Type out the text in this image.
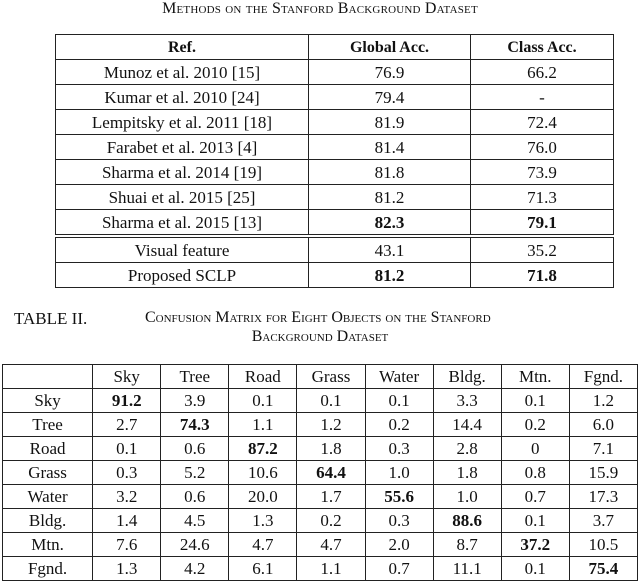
Methods on the Stanford Background Dataset
Ref.	Global Acc.	Class Acc.
Munoz et al. 2010 [15]	76.9	66.2
Kumar et al. 2010 [24]	79.4	-
Lempitsky et al. 2011 [18]	81.9	72.4
Farabet et al. 2013 [4]	81.4	76.0
Sharma et al. 2014 [19]	81.8	73.9
Shuai et al. 2015 [25]	81.2	71.3
Sharma et al. 2015 [13]	82.3	79.1
Visual feature	43.1	35.2
Proposed SCLP	81.2	71.8
TABLE II.	Confusion Matrix for Eight Objects on the Stanford
Background Dataset
	Sky	Tree	Road	Grass	Water	Bldg.	Mtn.	Fgnd.
Sky	91.2	3.9	0.1	0.1	0.1	3.3	0.1	1.2
Tree	2.7	74.3	1.1	1.2	0.2	14.4	0.2	6.0
Road	0.1	0.6	87.2	1.8	0.3	2.8	0	7.1
Grass	0.3	5.2	10.6	64.4	1.0	1.8	0.8	15.9
Water	3.2	0.6	20.0	1.7	55.6	1.0	0.7	17.3
Bldg.	1.4	4.5	1.3	0.2	0.3	88.6	0.1	3.7
Mtn.	7.6	24.6	4.7	4.7	2.0	8.7	37.2	10.5
Fgnd.	1.3	4.2	6.1	1.1	0.7	11.1	0.1	75.4
